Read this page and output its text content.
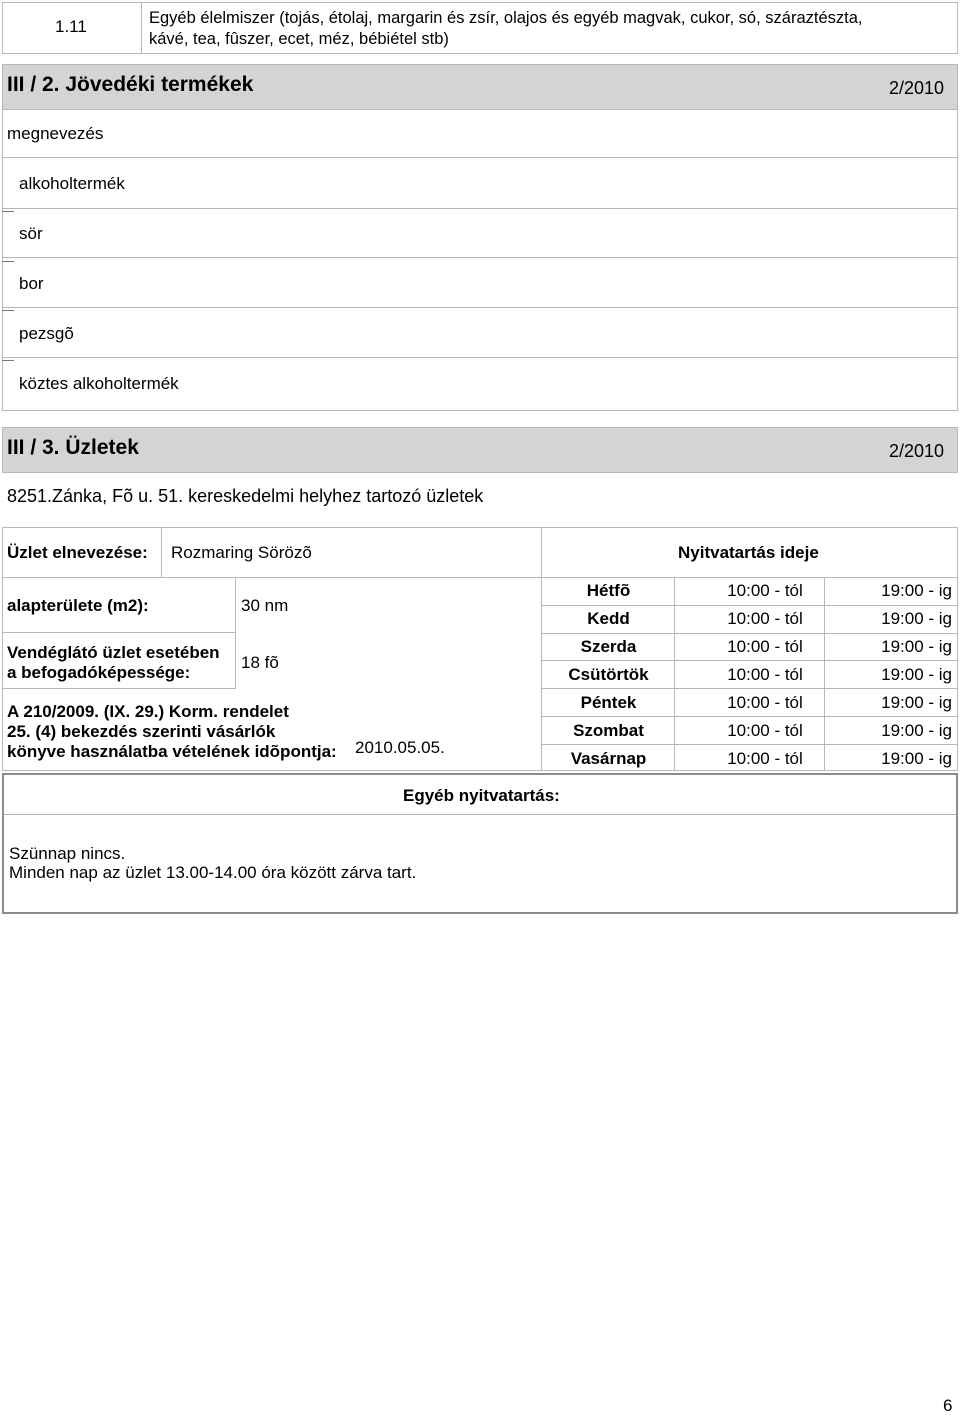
1.11	Egyéb élelmiszer (tojás, étolaj, margarin és zsír, olajos és egyéb magvak, cukor, só, száraztészta,
kávé, tea, fûszer, ecet, méz, bébiétel stb)
III / 2. Jövedéki termékek	2/2010
megnevezés
alkoholtermék
sör
bor
pezsgõ
köztes alkoholtermék
III / 3. Üzletek	2/2010
8251.Zánka, Fõ u. 51. kereskedelmi helyhez tartozó üzletek
Üzlet elnevezése: Rozmaring Sörözõ	Nyitvatartás ideje
alapterülete (m2):	30 nm
Vendéglátó üzlet esetében
a befogadóképessége:
18 fõ
A 210/2009. (IX. 29.) Korm. rendelet
25. (4) bekezdés szerinti vásárlók
könyve használatba vételének idõpontja: 2010.05.05.
Hétfõ	10:00 - tól	19:00 - ig
Kedd	10:00 - tól	19:00 - ig
Szerda	10:00 - tól	19:00 - ig
Csütörtök	10:00 - tól	19:00 - ig
Péntek	10:00 - tól	19:00 - ig
Szombat	10:00 - tól	19:00 - ig
Vasárnap	10:00 - tól	19:00 - ig
Egyéb nyitvatartás:
Szünnap nincs.
Minden nap az üzlet 13.00-14.00 óra között zárva tart.
6
